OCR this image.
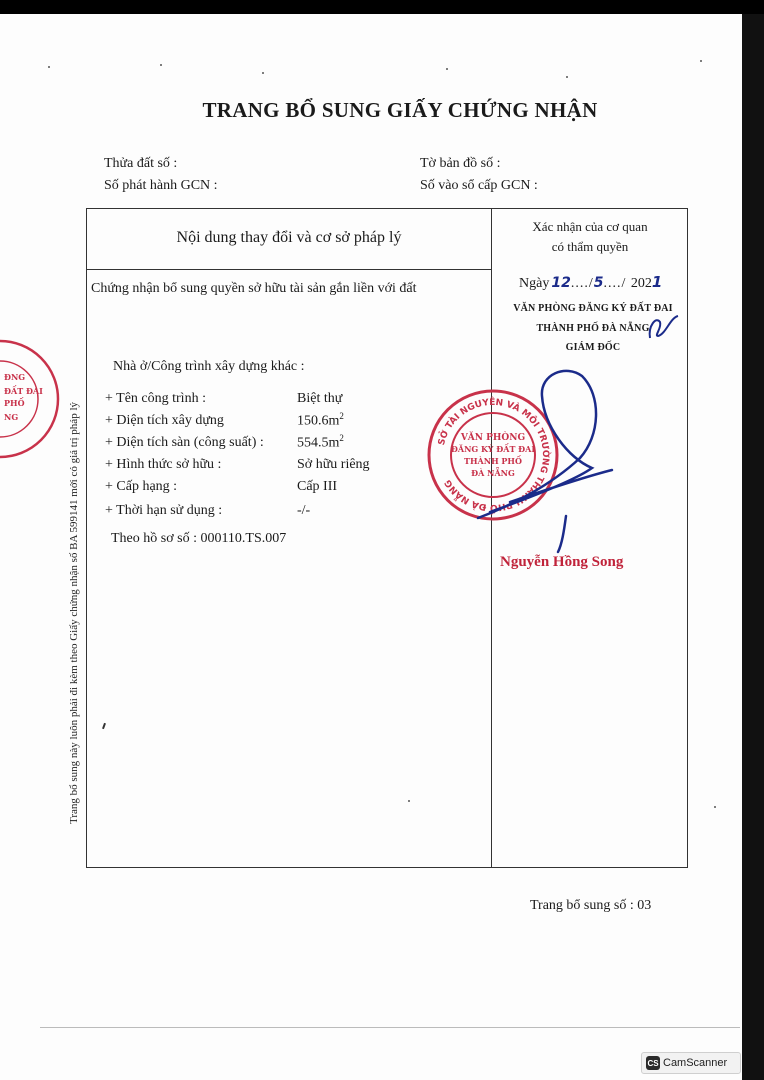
TRANG BỔ SUNG GIẤY CHỨNG NHẬN
Thửa đất số :	Tờ bản đồ số :
Số phát hành GCN :	Số vào sổ cấp GCN :
Nội dung thay đổi và cơ sở pháp lý
Xác nhận của cơ quan
có thẩm quyền
Chứng nhận bổ sung quyền sở hữu tài sản gắn liền với đất
Nhà ở/Công trình xây dựng khác :
+ Tên công trình :	Biệt thự
+ Diện tích xây dựng	$150.6m^2$
+ Diện tích sàn (công suất) : $554.5m^2$
+ Hình thức sở hữu :	Sở hữu riêng
+ Cấp hạng :	Cấp III
+ Thời hạn sử dụng :	-/-
Theo hồ sơ số : 000110.TS.007
Ngày 12..../5..../ 2021
VĂN PHÒNG ĐĂNG KÝ ĐẤT ĐAI
THÀNH PHỐ ĐÀ NẴNG
GIÁM ĐỐC
SỞ TÀI NGUYÊN VÀ MÔI TRƯỜNG THÀNH PHỐ ĐÀ NẴNG
VĂN PHÒNG
ĐĂNG KÝ ĐẤT ĐAI
THÀNH PHỐ
ĐÀ NẴNG
Nguyễn Hồng Song
ĐNG
ĐẤT ĐAI
PHỐ
NG	Trang bổ sung này luôn phải đi kèm theo Giấy chứng nhận số BA 599141 mới có giá trị pháp lý
Trang bổ sung số : 03
CS CamScanner
